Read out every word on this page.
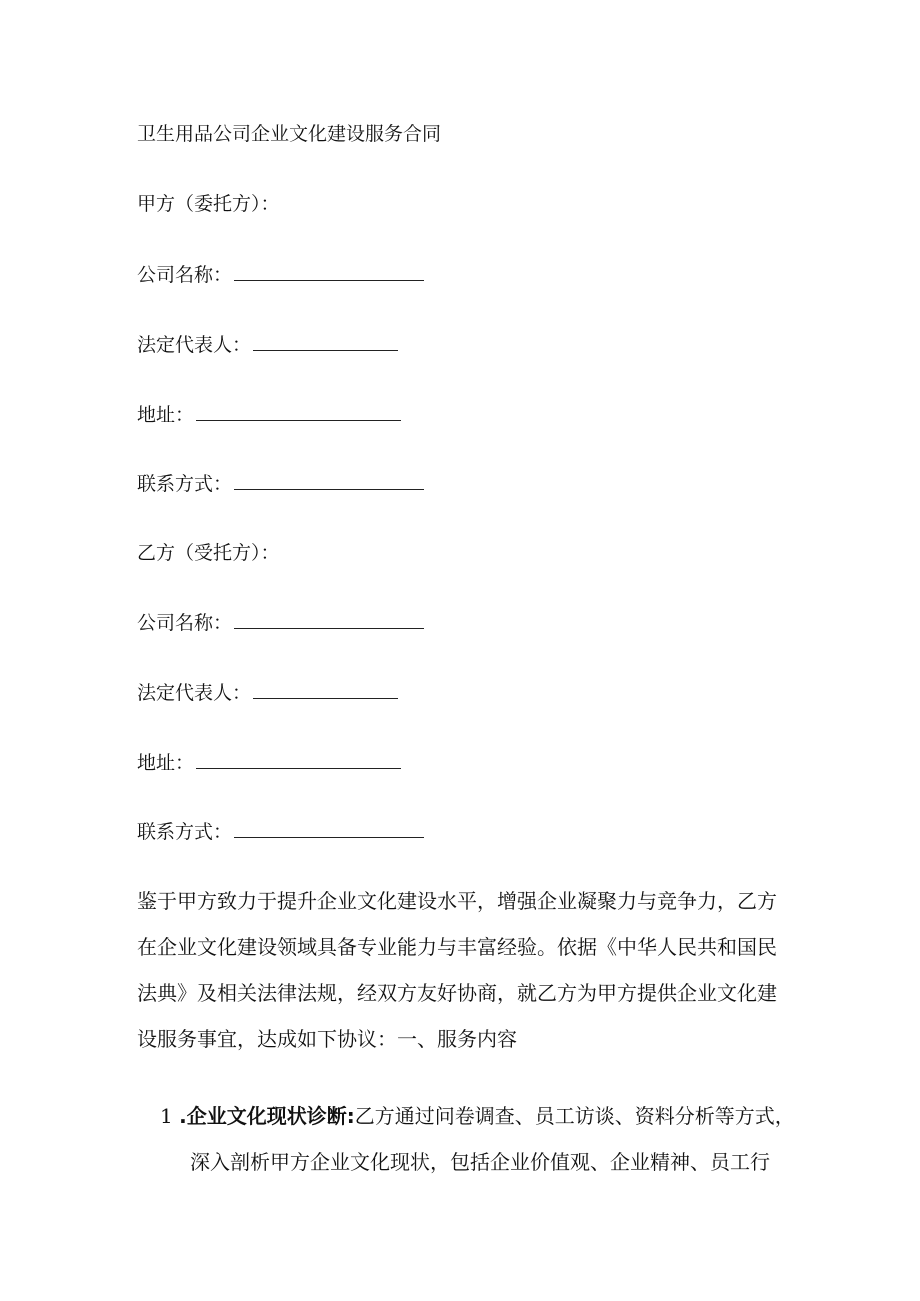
卫生用品公司企业文化建设服务合同
甲方（委托方）：
公司名称：
法定代表人：
地址：
联系方式：
乙方（受托方）：
公司名称：
法定代表人：
地址：
联系方式：
鉴于甲方致力于提升企业文化建设水平，增强企业凝聚力与竞争力，乙方
在企业文化建设领域具备专业能力与丰富经验。依据《中华人民共和国民
法典》及相关法律法规，经双方友好协商，就乙方为甲方提供企业文化建
设服务事宜，达成如下协议：一、服务内容
1 .企业文化现状诊断:乙方通过问卷调查、员工访谈、资料分析等方式，
深入剖析甲方企业文化现状，包括企业价值观、企业精神、员工行
